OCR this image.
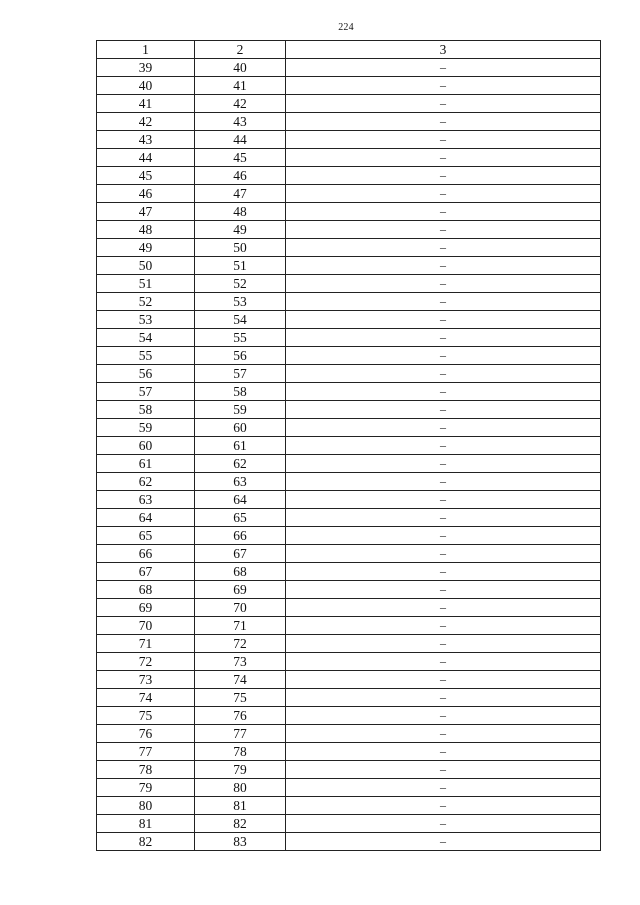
224
1	2	3
39	40	–
40	41	–
41	42	–
42	43	–
43	44	–
44	45	–
45	46	–
46	47	–
47	48	–
48	49	–
49	50	–
50	51	–
51	52	–
52	53	–
53	54	–
54	55	–
55	56	–
56	57	–
57	58	–
58	59	–
59	60	–
60	61	–
61	62	–
62	63	–
63	64	–
64	65	–
65	66	–
66	67	–
67	68	–
68	69	–
69	70	–
70	71	–
71	72	–
72	73	–
73	74	–
74	75	–
75	76	–
76	77	–
77	78	–
78	79	–
79	80	–
80	81	–
81	82	–
82	83	–
